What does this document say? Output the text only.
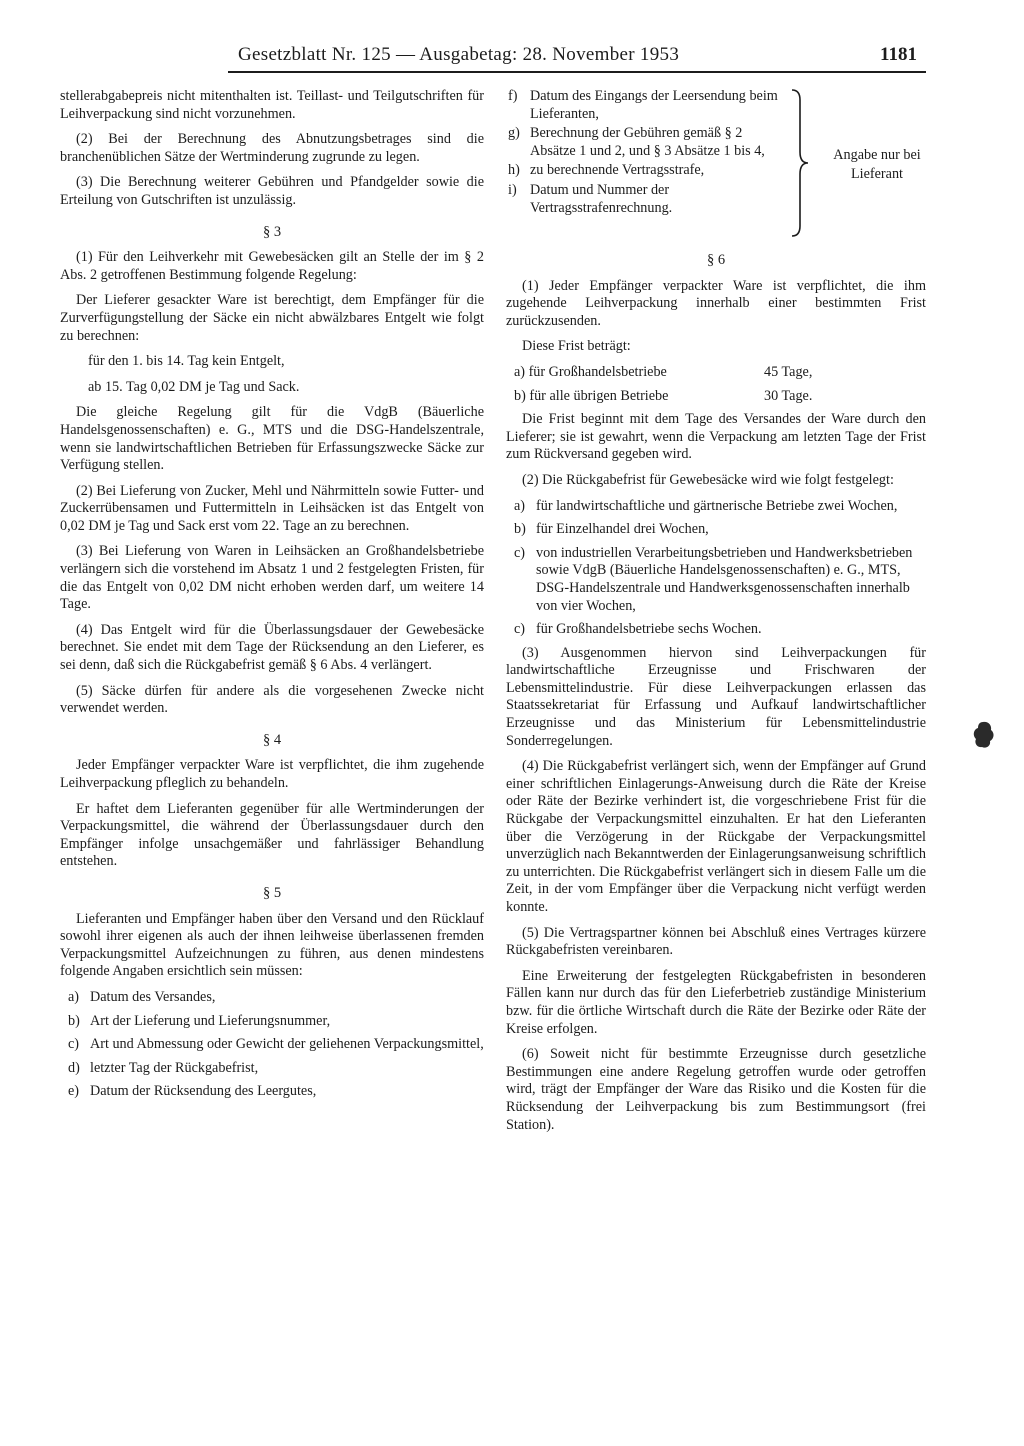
Gesetzblatt Nr. 125 — Ausgabetag: 28. November 1953	1181

stellerabgabepreis nicht mitenthalten ist. Teillast- und Teilgutschriften für Leihverpackung sind nicht vorzunehmen.

(2) Bei der Berechnung des Abnutzungsbetrages sind die branchenüblichen Sätze der Wertminderung zugrunde zu legen.

(3) Die Berechnung weiterer Gebühren und Pfandgelder sowie die Erteilung von Gutschriften ist unzulässig.

§ 3

(1) Für den Leihverkehr mit Gewebesäcken gilt an Stelle der im § 2 Abs. 2 getroffenen Bestimmung folgende Regelung:

Der Lieferer gesackter Ware ist berechtigt, dem Empfänger für die Zurverfügungstellung der Säcke ein nicht abwälzbares Entgelt wie folgt zu berechnen:

für den 1. bis 14. Tag kein Entgelt,
ab 15. Tag 0,02 DM je Tag und Sack.

Die gleiche Regelung gilt für die VdgB (Bäuerliche Handelsgenossenschaften) e. G., MTS und die DSG-Handelszentrale, wenn sie landwirtschaftlichen Betrieben für Erfassungszwecke Säcke zur Verfügung stellen.

(2) Bei Lieferung von Zucker, Mehl und Nährmitteln sowie Futter- und Zuckerrübensamen und Futtermitteln in Leihsäcken ist das Entgelt von 0,02 DM je Tag und Sack erst vom 22. Tage an zu berechnen.

(3) Bei Lieferung von Waren in Leihsäcken an Großhandelsbetriebe verlängern sich die vorstehend im Absatz 1 und 2 festgelegten Fristen, für die das Entgelt von 0,02 DM nicht erhoben werden darf, um weitere 14 Tage.

(4) Das Entgelt wird für die Überlassungsdauer der Gewebesäcke berechnet. Sie endet mit dem Tage der Rücksendung an den Lieferer, es sei denn, daß sich die Rückgabefrist gemäß § 6 Abs. 4 verlängert.

(5) Säcke dürfen für andere als die vorgesehenen Zwecke nicht verwendet werden.

§ 4

Jeder Empfänger verpackter Ware ist verpflichtet, die ihm zugehende Leihverpackung pfleglich zu behandeln.

Er haftet dem Lieferanten gegenüber für alle Wertminderungen der Verpackungsmittel, die während der Überlassungsdauer durch den Empfänger infolge unsachgemäßer und fahrlässiger Behandlung entstehen.

§ 5

Lieferanten und Empfänger haben über den Versand und den Rücklauf sowohl ihrer eigenen als auch der ihnen leihweise überlassenen fremden Verpackungsmittel Aufzeichnungen zu führen, aus denen mindestens folgende Angaben ersichtlich sein müssen:

a) Datum des Versandes,
b) Art der Lieferung und Lieferungsnummer,
c) Art und Abmessung oder Gewicht der geliehenen Verpackungsmittel,
d) letzter Tag der Rückgabefrist,
e) Datum der Rücksendung des Leergutes,
f) Datum des Eingangs der Leersendung beim Lieferanten,
g) Berechnung der Gebühren gemäß § 2 Absätze 1 und 2, und § 3 Absätze 1 bis 4,
h) zu berechnende Vertragsstrafe,
i) Datum und Nummer der Vertragsstrafenrechnung.
Angabe nur bei Lieferant
§ 6

(1) Jeder Empfänger verpackter Ware ist verpflichtet, die ihm zugehende Leihverpackung innerhalb einer bestimmten Frist zurückzusenden.

Diese Frist beträgt:

a) für Großhandelsbetriebe	45 Tage,
b) für alle übrigen Betriebe	30 Tage.

Die Frist beginnt mit dem Tage des Versandes der Ware durch den Lieferer; sie ist gewahrt, wenn die Verpackung am letzten Tage der Frist zum Rückversand gegeben wird.

(2) Die Rückgabefrist für Gewebesäcke wird wie folgt festgelegt:

a) für landwirtschaftliche und gärtnerische Betriebe zwei Wochen,
b) für Einzelhandel drei Wochen,
c) von industriellen Verarbeitungsbetrieben und Handwerksbetrieben sowie VdgB (Bäuerliche Handelsgenossenschaften) e. G., MTS, DSG-Handelszentrale und Handwerksgenossenschaften innerhalb von vier Wochen,
c) für Großhandelsbetriebe sechs Wochen.

(3) Ausgenommen hiervon sind Leihverpackungen für landwirtschaftliche Erzeugnisse und Frischwaren der Lebensmittelindustrie. Für diese Leihverpackungen erlassen das Staatssekretariat für Erfassung und Aufkauf landwirtschaftlicher Erzeugnisse und das Ministerium für Lebensmittelindustrie Sonderregelungen.

(4) Die Rückgabefrist verlängert sich, wenn der Empfänger auf Grund einer schriftlichen Einlagerungs-Anweisung durch die Räte der Kreise oder Räte der Bezirke verhindert ist, die vorgeschriebene Frist für die Rückgabe der Verpackungsmittel einzuhalten. Er hat den Lieferanten über die Verzögerung in der Rückgabe der Verpackungsmittel unverzüglich nach Bekanntwerden der Einlagerungsanweisung schriftlich zu unterrichten. Die Rückgabefrist verlängert sich in diesem Falle um die Zeit, in der vom Empfänger über die Verpackung nicht verfügt werden konnte.

(5) Die Vertragspartner können bei Abschluß eines Vertrages kürzere Rückgabefristen vereinbaren.

Eine Erweiterung der festgelegten Rückgabefristen in besonderen Fällen kann nur durch das für den Lieferbetrieb zuständige Ministerium bzw. für die örtliche Wirtschaft durch die Räte der Bezirke oder Räte der Kreise erfolgen.

(6) Soweit nicht für bestimmte Erzeugnisse durch gesetzliche Bestimmungen eine andere Regelung getroffen wurde oder getroffen wird, trägt der Empfänger der Ware das Risiko und die Kosten für die Rücksendung der Leihverpackung bis zum Bestimmungsort (frei Station).
